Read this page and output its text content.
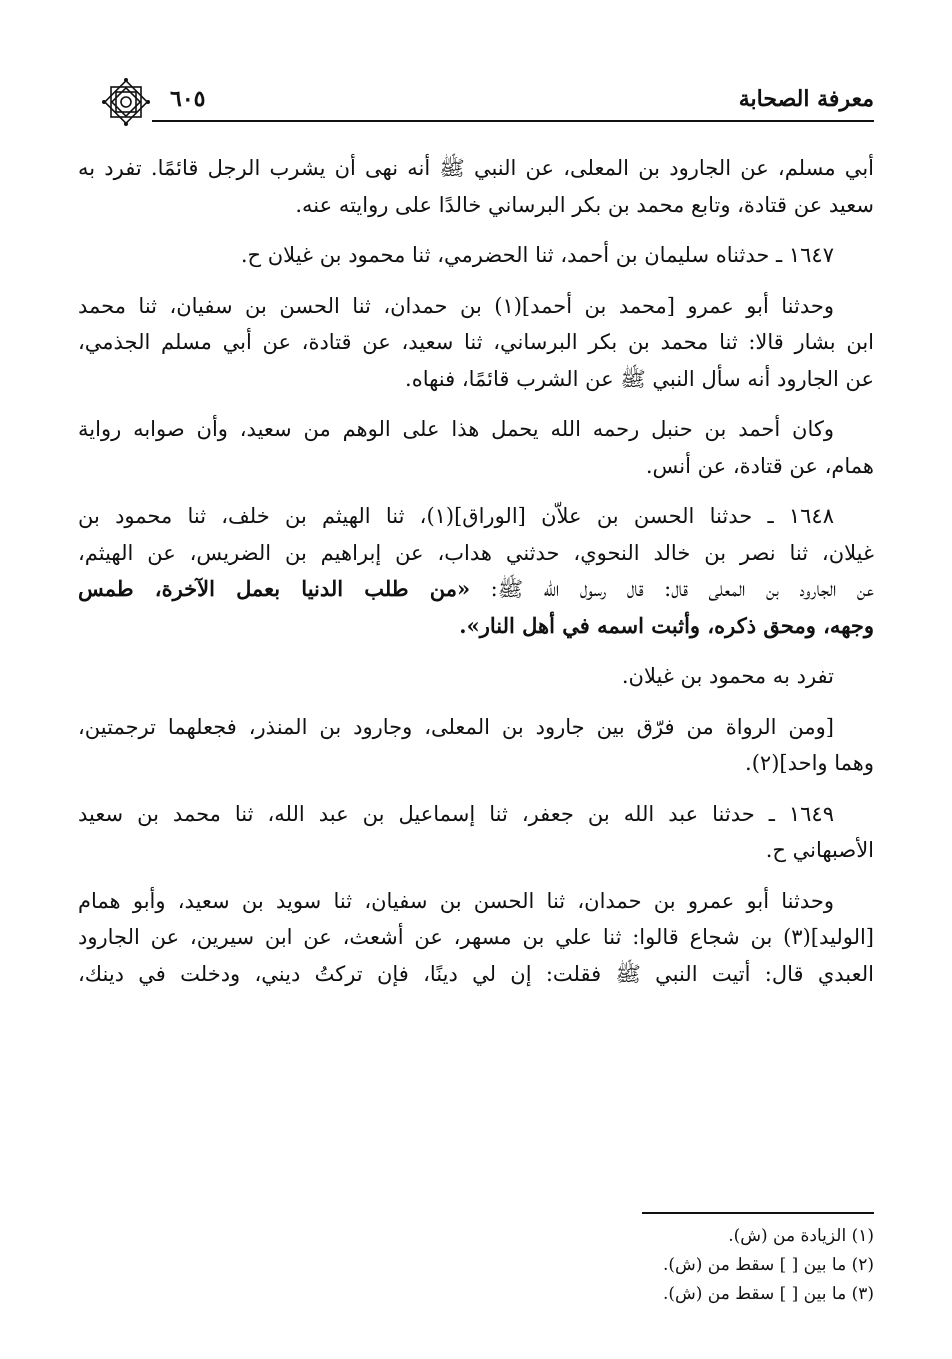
معرفة الصحابة
٦٠٥
أبي مسلم، عن الجارود بن المعلى، عن النبي ﷺ أنه نهى أن يشرب الرجل قائمًا. تفرد به
سعيد عن قتادة، وتابع محمد بن بكر البرساني خالدًا على روايته عنه.
١٦٤٧ ـ حدثناه سليمان بن أحمد، ثنا الحضرمي، ثنا محمود بن غيلان ح.
وحدثنا أبو عمرو [محمد بن أحمد](١) بن حمدان، ثنا الحسن بن سفيان، ثنا محمد
ابن بشار قالا: ثنا محمد بن بكر البرساني، ثنا سعيد، عن قتادة، عن أبي مسلم الجذمي،
عن الجارود أنه سأل النبي ﷺ عن الشرب قائمًا، فنهاه.
وكان أحمد بن حنبل رحمه الله يحمل هذا على الوهم من سعيد، وأن صوابه رواية
همام، عن قتادة، عن أنس.
١٦٤٨ ـ حدثنا الحسن بن علاّن [الوراق](١)، ثنا الهيثم بن خلف، ثنا محمود بن
غيلان، ثنا نصر بن خالد النحوي، حدثني هداب، عن إبراهيم بن الضريس، عن الهيثم،
عن الجارود بن المعلى قال: قال رسول الله ﷺ: «من طلب الدنيا بعمل الآخرة، طمس
وجهه، ومحق ذكره، وأثبت اسمه في أهل النار».
تفرد به محمود بن غيلان.
[ومن الرواة من فرّق بين جارود بن المعلى، وجارود بن المنذر، فجعلهما ترجمتين،
وهما واحد](٢).
١٦٤٩ ـ حدثنا عبد الله بن جعفر، ثنا إسماعيل بن عبد الله، ثنا محمد بن سعيد
الأصبهاني ح.
وحدثنا أبو عمرو بن حمدان، ثنا الحسن بن سفيان، ثنا سويد بن سعيد، وأبو همام
[الوليد](٣) بن شجاع قالوا: ثنا علي بن مسهر، عن أشعث، عن ابن سيرين، عن الجارود
العبدي قال: أتيت النبي ﷺ فقلت: إن لي دينًا، فإن تركتُ ديني، ودخلت في دينك،
(١) الزيادة من (ش).
(٢) ما بين [ ] سقط من (ش).
(٣) ما بين [ ] سقط من (ش).
